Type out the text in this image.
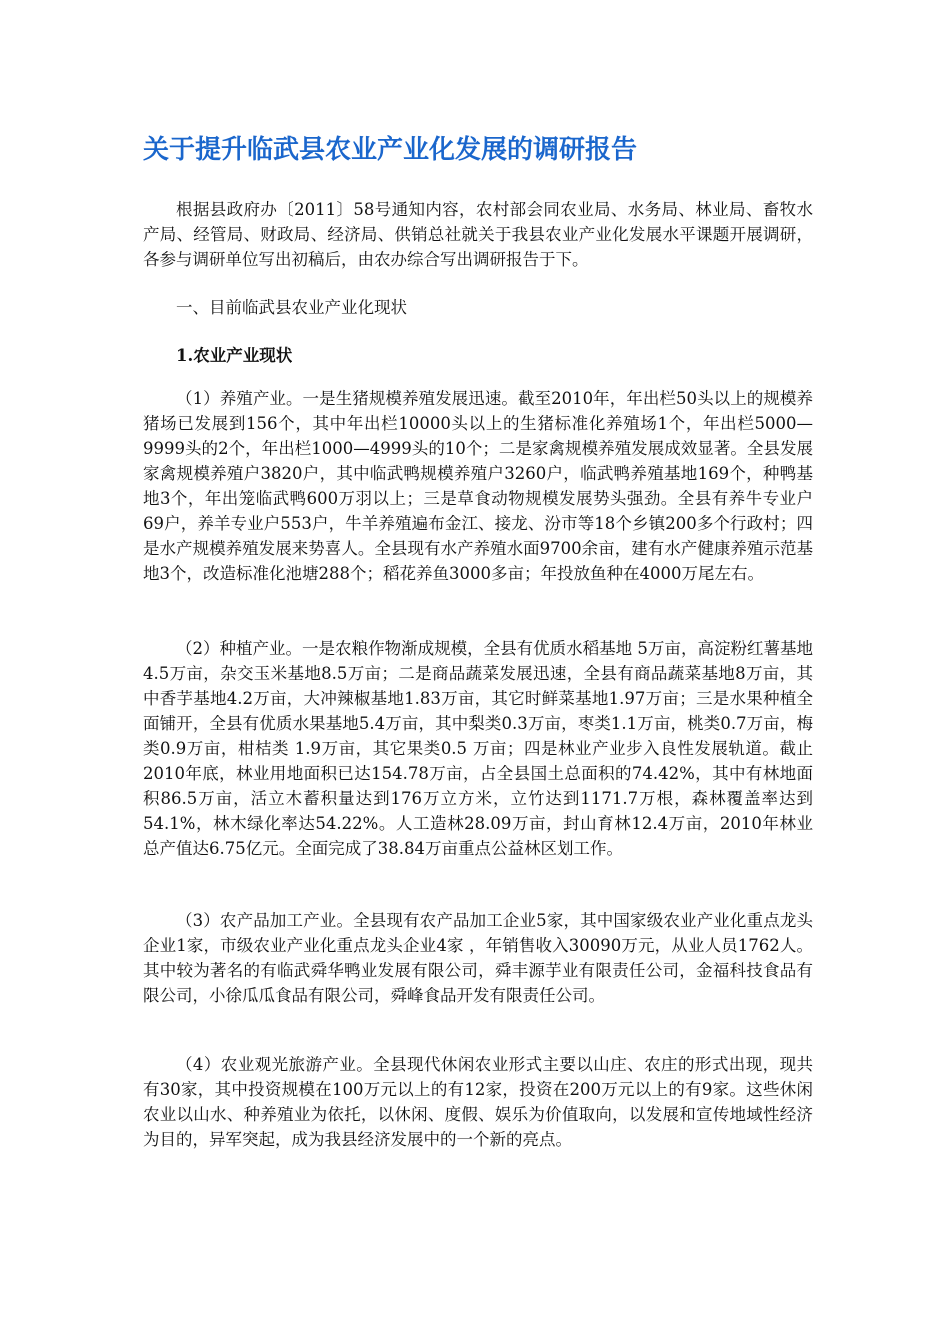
关于提升临武县农业产业化发展的调研报告

根据县政府办〔2011〕58号通知内容，农村部会同农业局、水务局、林业局、畜牧水产局、经管局、财政局、经济局、供销总社就关于我县农业产业化发展水平课题开展调研，各参与调研单位写出初稿后，由农办综合写出调研报告于下。

一、目前临武县农业产业化现状

1.农业产业现状

（1）养殖产业。一是生猪规模养殖发展迅速。截至2010年，年出栏50头以上的规模养猪场已发展到156个，其中年出栏10000头以上的生猪标准化养殖场1个，年出栏5000—9999头的2个，年出栏1000—4999头的10个；二是家禽规模养殖发展成效显著。全县发展家禽规模养殖户3820户，其中临武鸭规模养殖户3260户，临武鸭养殖基地169个，种鸭基地3个，年出笼临武鸭600万羽以上；三是草食动物规模发展势头强劲。全县有养牛专业户69户，养羊专业户553户，牛羊养殖遍布金江、接龙、汾市等18个乡镇200多个行政村；四是水产规模养殖发展来势喜人。全县现有水产养殖水面9700余亩，建有水产健康养殖示范基地3个，改造标准化池塘288个；稻花养鱼3000多亩；年投放鱼种在4000万尾左右。

（2）种植产业。一是农粮作物渐成规模，全县有优质水稻基地 5万亩，高淀粉红薯基地4.5万亩，杂交玉米基地8.5万亩；二是商品蔬菜发展迅速，全县有商品蔬菜基地8万亩，其中香芋基地4.2万亩，大冲辣椒基地1.83万亩，其它时鲜菜基地1.97万亩；三是水果种植全面铺开，全县有优质水果基地5.4万亩，其中梨类0.3万亩，枣类1.1万亩，桃类0.7万亩，梅类0.9万亩，柑桔类 1.9万亩，其它果类0.5 万亩；四是林业产业步入良性发展轨道。截止2010年底，林业用地面积已达154.78万亩，占全县国土总面积的74.42%，其中有林地面积86.5万亩，活立木蓄积量达到176万立方米，立竹达到1171.7万根，森林覆盖率达到54.1%，林木绿化率达54.22%。人工造林28.09万亩，封山育林12.4万亩，2010年林业总产值达6.75亿元。全面完成了38.84万亩重点公益林区划工作。

（3）农产品加工产业。全县现有农产品加工企业5家，其中国家级农业产业化重点龙头企业1家，市级农业产业化重点龙头企业4家 ，年销售收入30090万元，从业人员1762人。其中较为著名的有临武舜华鸭业发展有限公司，舜丰源芋业有限责任公司，金福科技食品有限公司，小徐瓜瓜食品有限公司，舜峰食品开发有限责任公司。

（4）农业观光旅游产业。全县现代休闲农业形式主要以山庄、农庄的形式出现，现共有30家，其中投资规模在100万元以上的有12家，投资在200万元以上的有9家。这些休闲农业以山水、种养殖业为依托，以休闲、度假、娱乐为价值取向，以发展和宣传地域性经济为目的，异军突起，成为我县经济发展中的一个新的亮点。
